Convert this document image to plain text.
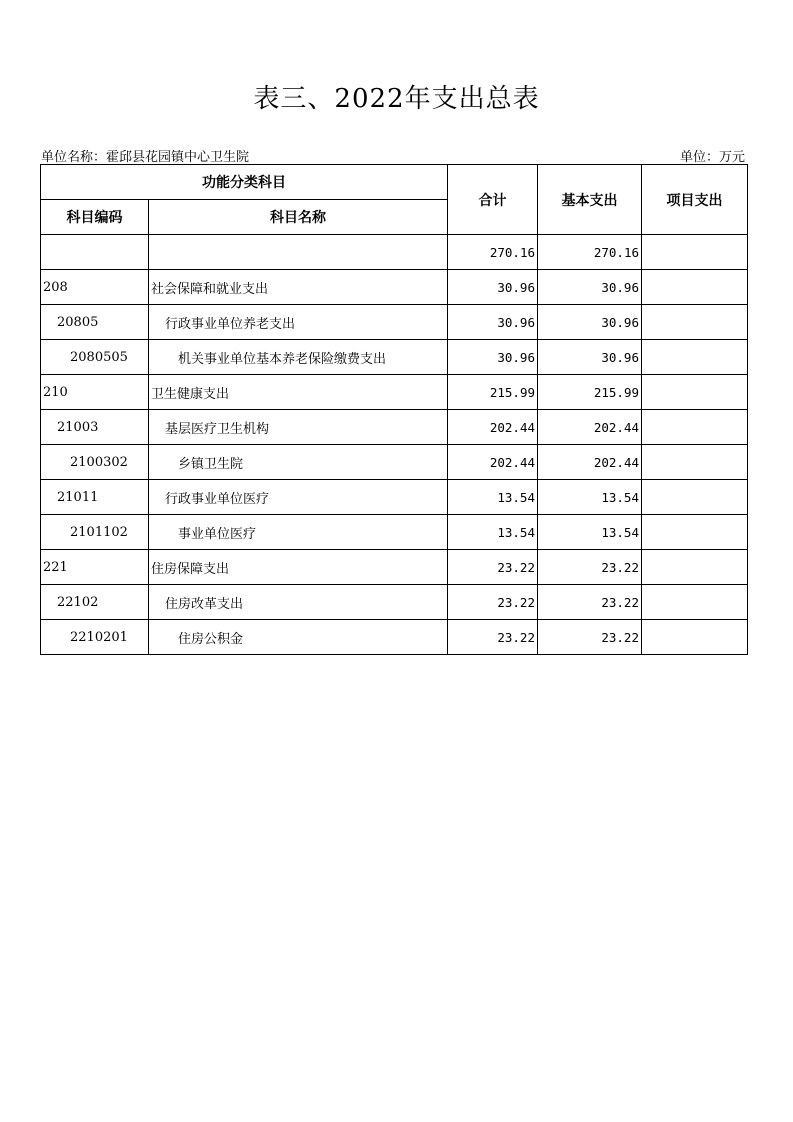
表三、2022年支出总表
单位名称：霍邱县花园镇中心卫生院	单位：万元
功能分类科目		合计	基本支出	项目支出
科目编码	科目名称			
		270.16	270.16	
208	社会保障和就业支出	30.96	30.96	
20805	行政事业单位养老支出	30.96	30.96	
2080505	机关事业单位基本养老保险缴费支出	30.96	30.96	
210	卫生健康支出	215.99	215.99	
21003	基层医疗卫生机构	202.44	202.44	
2100302	乡镇卫生院	202.44	202.44	
21011	行政事业单位医疗	13.54	13.54	
2101102	事业单位医疗	13.54	13.54	
221	住房保障支出	23.22	23.22	
22102	住房改革支出	23.22	23.22	
2210201	住房公积金	23.22	23.22	
